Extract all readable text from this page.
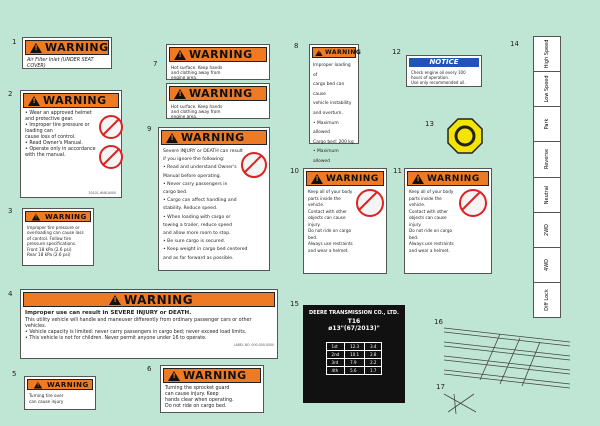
1
2
3
4
5
6
7
8
9
10	11
12
13
14
15
16
17
!
WARNING
Air Filter Inlet (UNDER SEAT COVER)
!
WARNING
• Wear an approved helmet and protective gear.
• Improper tire pressure or loading can
cause loss of control.
• Read Owner's Manual.
• Operate only in accordance with the manual.
30101-HN8-A000
!
WARNING
Improper tire pressure or
overloading can cause loss
of control. Follow tire
pressure specifications.
Front 18 kPa (2.6 psi)
Rear 18 kPa (2.6 psi)
!
WARNING
Improper use can result in SEVERE INJURY or DEATH.
This utility vehicle will handle and maneuver differently from ordinary passenger cars or other vehicles.
• Vehicle capacity is limited: never carry passengers in cargo bed; never exceed load limits.
• This vehicle is not for children. Never permit anyone under 16 to operate.
LABEL NO. 000-000-0000
!
WARNING
Turning tire over
can cause injury
!
WARNING
Turning the sprocket guard
can cause injury. Keep
hands clear when operating.
Do not ride on cargo bed.
!
WARNING
Hot surface. Keep hands
and clothing away from
engine area.
!
WARNING
Hot surface. Keep hands
and clothing away from
engine area.
!
WARNING
Severe INJURY or DEATH can result
if you ignore the following:
• Read and understand Owner's
Manual before operating.
• Never carry passengers in
cargo bed.
• Cargo can affect handling and
stability. Reduce speed.
• When loading with cargo or
towing a trailer, reduce speed
and allow more room to stop.
• Be sure cargo is secured.
• Keep weight in cargo bed centered
and as far forward as possible.
!
WARNING
Improper loading of
cargo bed can cause
vehicle instability
and overturn.
• Maximum allowed
Cargo bed: 200 kg
• Maximum allowed
!
WARNING
Keep all of your body
parts inside the vehicle.
Contact with other
objects can cause injury.
Do not ride on cargo bed.
Always use restraints
and wear a helmet.
!
WARNING
Keep all of your body
parts inside the vehicle.
Contact with other
objects can cause injury.
Do not ride on cargo bed.
Always use restraints
and wear a helmet.
NOTICE
Check engine oil every 100
hours of operation.
Use only recommended oil.
High Speed
Low Speed
Park
Reverse
Neutral
2WD
4WD
Diff Lock
DEERE TRANSMISSION CO., LTD.
T16
ø13"(67/2013)"
1st	12.3	3.4
2nd	10.1	2.8
3rd	7.9	2.2
4th	5.6	1.7
